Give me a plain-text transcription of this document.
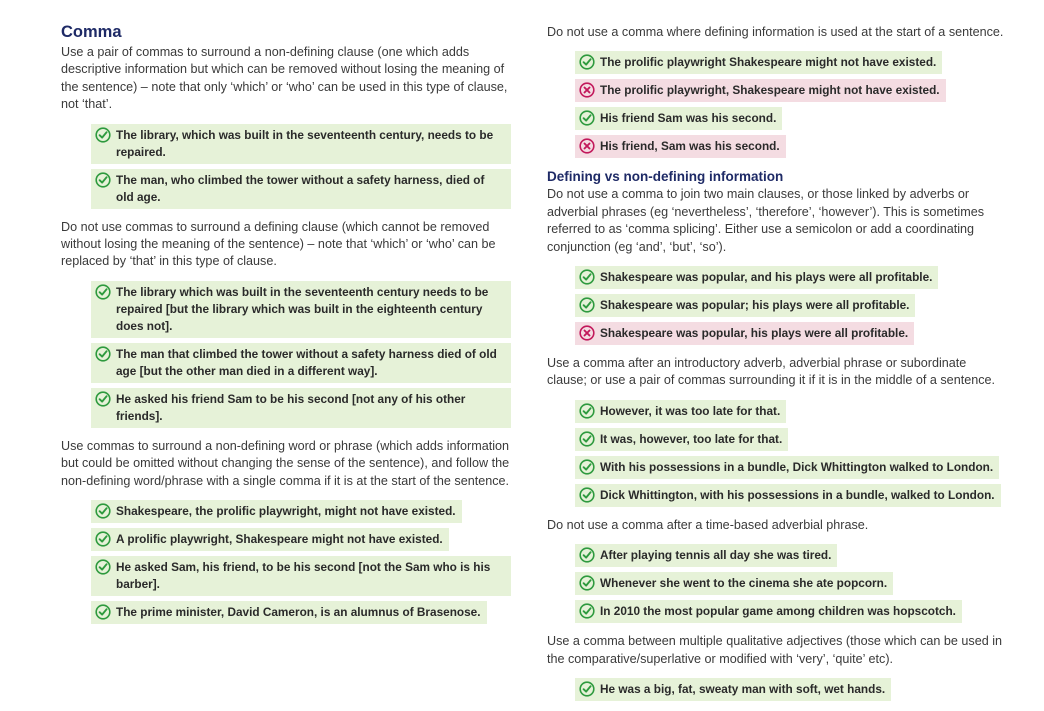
Comma

Use a pair of commas to surround a non-defining clause (one which adds descriptive information but which can be removed without losing the meaning of the sentence) – note that only ‘which’ or ‘who’ can be used in this type of clause, not ‘that’.

The library, which was built in the seventeenth century, needs to be repaired.
The man, who climbed the tower without a safety harness, died of old age.

Do not use commas to surround a defining clause (which cannot be removed without losing the meaning of the sentence) – note that ‘which’ or ‘who’ can be replaced by ‘that’ in this type of clause.

The library which was built in the seventeenth century needs to be repaired [but the library which was built in the eighteenth century does not].
The man that climbed the tower without a safety harness died of old age [but the other man died in a different way].
He asked his friend Sam to be his second [not any of his other friends].

Use commas to surround a non-defining word or phrase (which adds information but could be omitted without changing the sense of the sentence), and follow the non-defining word/phrase with a single comma if it is at the start of the sentence.

Shakespeare, the prolific playwright, might not have existed.
A prolific playwright, Shakespeare might not have existed.
He asked Sam, his friend, to be his second [not the Sam who is his barber].
The prime minister, David Cameron, is an alumnus of Brasenose.

Do not use a comma where defining information is used at the start of a sentence.

The prolific playwright Shakespeare might not have existed.
The prolific playwright, Shakespeare might not have existed.
His friend Sam was his second.
His friend, Sam was his second.
Defining vs non-defining information

Do not use a comma to join two main clauses, or those linked by adverbs or adverbial phrases (eg ‘nevertheless’, ‘therefore’, ‘however’). This is sometimes referred to as ‘comma splicing’. Either use a semicolon or add a coordinating conjunction (eg ‘and’, ‘but’, ‘so’).

Shakespeare was popular, and his plays were all profitable.
Shakespeare was popular; his plays were all profitable.
Shakespeare was popular, his plays were all profitable.

Use a comma after an introductory adverb, adverbial phrase or subordinate clause; or use a pair of commas surrounding it if it is in the middle of a sentence.

However, it was too late for that.
It was, however, too late for that.
With his possessions in a bundle, Dick Whittington walked to London.
Dick Whittington, with his possessions in a bundle, walked to London.

Do not use a comma after a time-based adverbial phrase.

After playing tennis all day she was tired.
Whenever she went to the cinema she ate popcorn.
In 2010 the most popular game among children was hopscotch.

Use a comma between multiple qualitative adjectives (those which can be used in the comparative/superlative or modified with ‘very’, ‘quite’ etc).

He was a big, fat, sweaty man with soft, wet hands.
